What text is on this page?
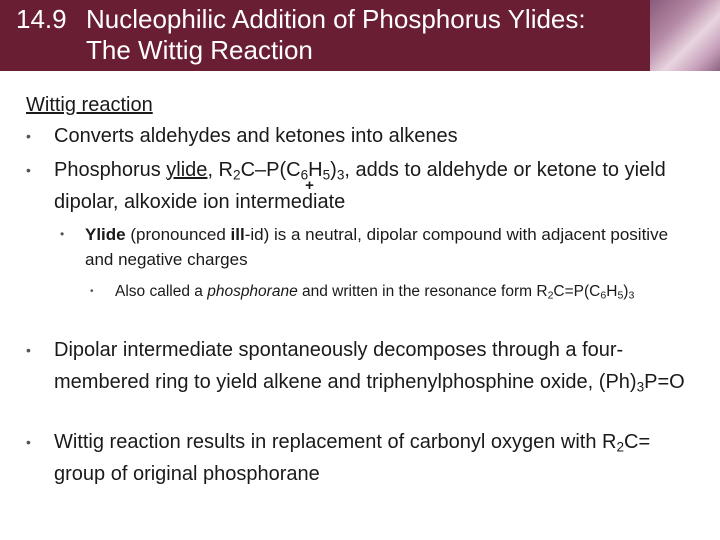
14.9 Nucleophilic Addition of Phosphorus Ylides:
The Wittig Reaction
Wittig reaction
• Converts aldehydes and ketones into alkenes
• Phosphorus ylide, $R_2C-P(C_6H$
+
$_5)_3$, adds to aldehyde or ketone to yield dipolar, alkoxide ion intermediate
• Ylide (pronounced ill-id) is a neutral, dipolar compound with adjacent positive and negative charges
• Also called a phosphorane and written in the resonance form $R_2C=P(C_6H_5)_3$
• Dipolar intermediate spontaneously decomposes through a four-membered ring to yield alkene and triphenylphosphine oxide, $(Ph)_3P=O$
• Wittig reaction results in replacement of carbonyl oxygen with $R_2C=$ group of original phosphorane
